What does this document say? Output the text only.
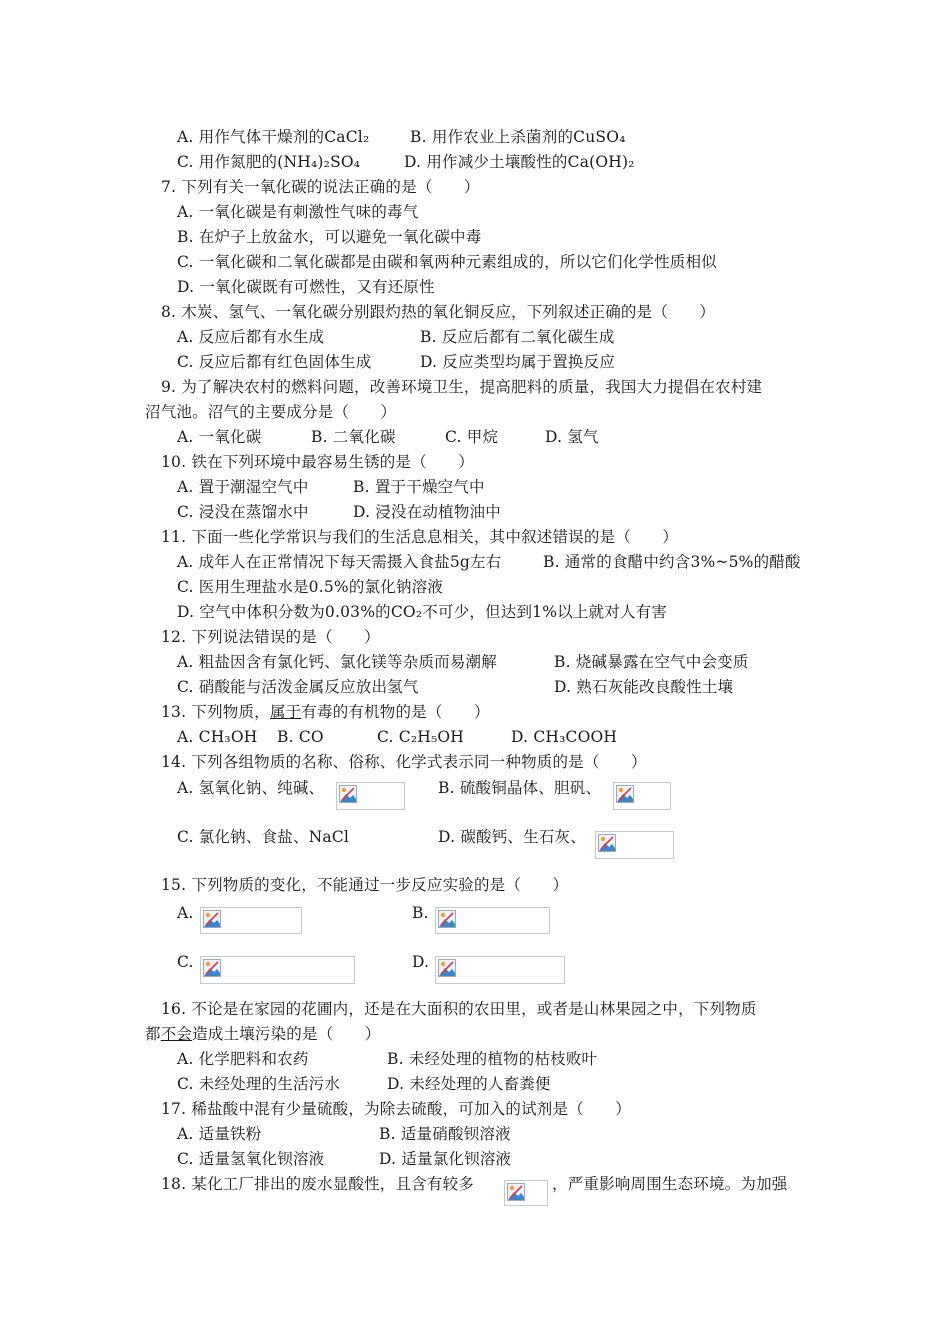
A. 用作气体干燥剂的CaCl₂	B. 用作农业上杀菌剂的CuSO₄
C. 用作氮肥的(NH₄)₂SO₄	D. 用作减少土壤酸性的Ca(OH)₂
7. 下列有关一氧化碳的说法正确的是（　　）
A. 一氧化碳是有刺激性气味的毒气
B. 在炉子上放盆水，可以避免一氧化碳中毒
C. 一氧化碳和二氧化碳都是由碳和氧两种元素组成的，所以它们化学性质相似
D. 一氧化碳既有可燃性，又有还原性
8. 木炭、氢气、一氧化碳分别跟灼热的氧化铜反应，下列叙述正确的是（　　）
A. 反应后都有水生成	B. 反应后都有二氧化碳生成
C. 反应后都有红色固体生成	D. 反应类型均属于置换反应
9. 为了解决农村的燃料问题，改善环境卫生，提高肥料的质量，我国大力提倡在农村建
沼气池。沼气的主要成分是（　　）
A. 一氧化碳	B. 二氧化碳	C. 甲烷	D. 氢气
10. 铁在下列环境中最容易生锈的是（　　）
A. 置于潮湿空气中	B. 置于干燥空气中
C. 浸没在蒸馏水中	D. 浸没在动植物油中
11. 下面一些化学常识与我们的生活息息相关，其中叙述错误的是（　　）
A. 成年人在正常情况下每天需摄入食盐5g左右	B. 通常的食醋中约含3%~5%的醋酸
C. 医用生理盐水是0.5%的氯化钠溶液
D. 空气中体积分数为0.03%的CO₂不可少，但达到1%以上就对人有害
12. 下列说法错误的是（　　）
A. 粗盐因含有氯化钙、氯化镁等杂质而易潮解	B. 烧碱暴露在空气中会变质
C. 硝酸能与活泼金属反应放出氢气	D. 熟石灰能改良酸性土壤
13. 下列物质，属于有毒的有机物的是（　　）
A. CH₃OH B. CO	C. C₂H₅OH	D. CH₃COOH
14. 下列各组物质的名称、俗称、化学式表示同一种物质的是（　　）
A. 氢氧化钠、纯碱、	B. 硫酸铜晶体、胆矾、
C. 氯化钠、食盐、NaCl	D. 碳酸钙、生石灰、
15. 下列物质的变化，不能通过一步反应实验的是（　　）
A.	B.
C.	D.
16. 不论是在家园的花圃内，还是在大面积的农田里，或者是山林果园之中，下列物质
都不会造成土壤污染的是（　　）
A. 化学肥料和农药	B. 未经处理的植物的枯枝败叶
C. 未经处理的生活污水	D. 未经处理的人畜粪便
17. 稀盐酸中混有少量硫酸，为除去硫酸，可加入的试剂是（　　）
A. 适量铁粉	B. 适量硝酸钡溶液
C. 适量氢氧化钡溶液	D. 适量氯化钡溶液
18. 某化工厂排出的废水显酸性，且含有较多	，严重影响周围生态环境。为加强
